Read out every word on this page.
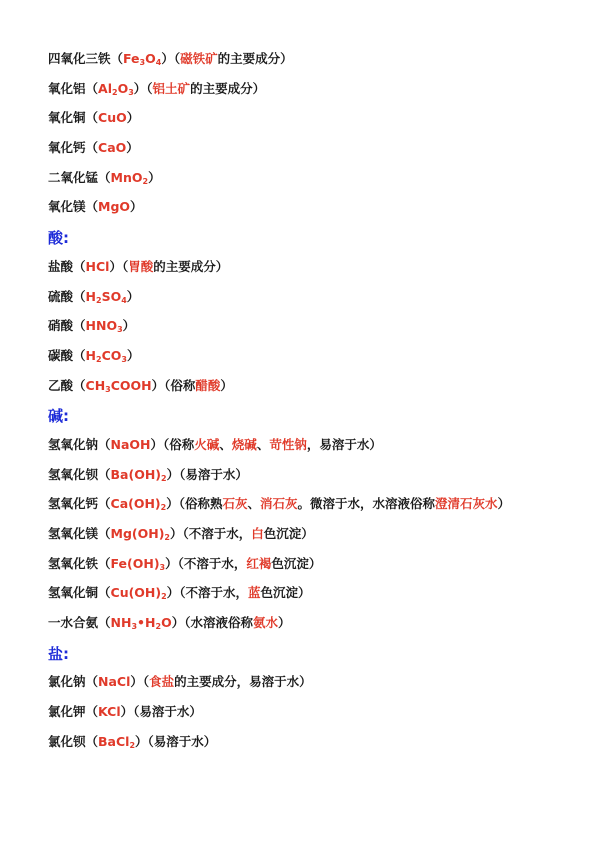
四氧化三铁$(Fe_3O_4)$（磁铁矿的主要成分）
氧化铝$(Al_2O_3)$（铝土矿的主要成分）
氧化铜（CuO）
氧化钙（CaO）
二氧化锰（MnO$_2$）
氧化镁（MgO）
酸:
盐酸（HCl）（胃酸的主要成分）
硫酸$(H_2SO_4)$
硝酸$(HNO_3)$
碳酸$(H_2CO_3)$
乙酸$(CH_3COOH)$（俗称醋酸）
碱:
氢氧化钠（NaOH）（俗称火碱、烧碱、苛性钠，易溶于水）
氢氧化钡$(Ba(OH)_2)$（易溶于水）
氢氧化钙$(Ca(OH)_2)$（俗称熟石灰、消石灰。微溶于水，水溶液俗称澄清石灰水）
氢氧化镁$(Mg(OH)_2)$（不溶于水，白色沉淀）
氢氧化铁$(Fe(OH)_3)$（不溶于水，红褐色沉淀）
氢氧化铜$(Cu(OH)_2)$（不溶于水，蓝色沉淀）
一水合氨$(NH_3•H_2O)$（水溶液俗称氨水）
盐:
氯化钠（NaCl）（食盐的主要成分，易溶于水）
氯化钾（KCl）（易溶于水）
氯化钡（BaCl$_2$）（易溶于水）
